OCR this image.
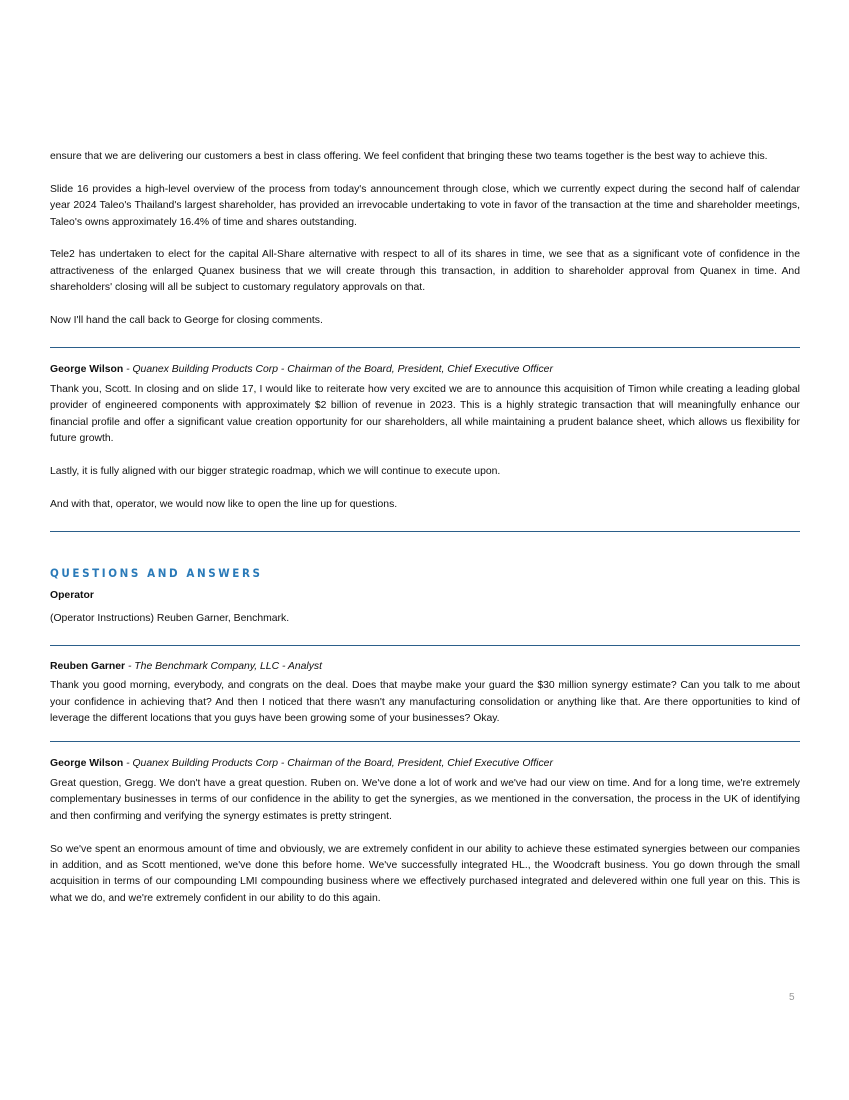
ensure that we are delivering our customers a best in class offering. We feel confident that bringing these two teams together is the best way to achieve this.

Slide 16 provides a high-level overview of the process from today's announcement through close, which we currently expect during the second half of calendar year 2024 Taleo's Thailand's largest shareholder, has provided an irrevocable undertaking to vote in favor of the transaction at the time and shareholder meetings, Taleo's owns approximately 16.4% of time and shares outstanding.

Tele2 has undertaken to elect for the capital All-Share alternative with respect to all of its shares in time, we see that as a significant vote of confidence in the attractiveness of the enlarged Quanex business that we will create through this transaction, in addition to shareholder approval from Quanex in time. And shareholders' closing will all be subject to customary regulatory approvals on that.

Now I'll hand the call back to George for closing comments.

George Wilson - Quanex Building Products Corp - Chairman of the Board, President, Chief Executive Officer

Thank you, Scott. In closing and on slide 17, I would like to reiterate how very excited we are to announce this acquisition of Timon while creating a leading global provider of engineered components with approximately $2 billion of revenue in 2023. This is a highly strategic transaction that will meaningfully enhance our financial profile and offer a significant value creation opportunity for our shareholders, all while maintaining a prudent balance sheet, which allows us flexibility for future growth.

Lastly, it is fully aligned with our bigger strategic roadmap, which we will continue to execute upon.

And with that, operator, we would now like to open the line up for questions.

QUESTIONS AND ANSWERS
Operator

(Operator Instructions) Reuben Garner, Benchmark.

Reuben Garner - The Benchmark Company, LLC - Analyst

Thank you good morning, everybody, and congrats on the deal. Does that maybe make your guard the $30 million synergy estimate? Can you talk to me about your confidence in achieving that? And then I noticed that there wasn't any manufacturing consolidation or anything like that. Are there opportunities to kind of leverage the different locations that you guys have been growing some of your businesses? Okay.

George Wilson - Quanex Building Products Corp - Chairman of the Board, President, Chief Executive Officer

Great question, Gregg. We don't have a great question. Ruben on. We've done a lot of work and we've had our view on time. And for a long time, we're extremely complementary businesses in terms of our confidence in the ability to get the synergies, as we mentioned in the conversation, the process in the UK of identifying and then confirming and verifying the synergy estimates is pretty stringent.

So we've spent an enormous amount of time and obviously, we are extremely confident in our ability to achieve these estimated synergies between our companies in addition, and as Scott mentioned, we've done this before home. We've successfully integrated HL., the Woodcraft business. You go down through the small acquisition in terms of our compounding LMI compounding business where we effectively purchased integrated and delevered within one full year on this. This is what we do, and we're extremely confident in our ability to do this again.

5
